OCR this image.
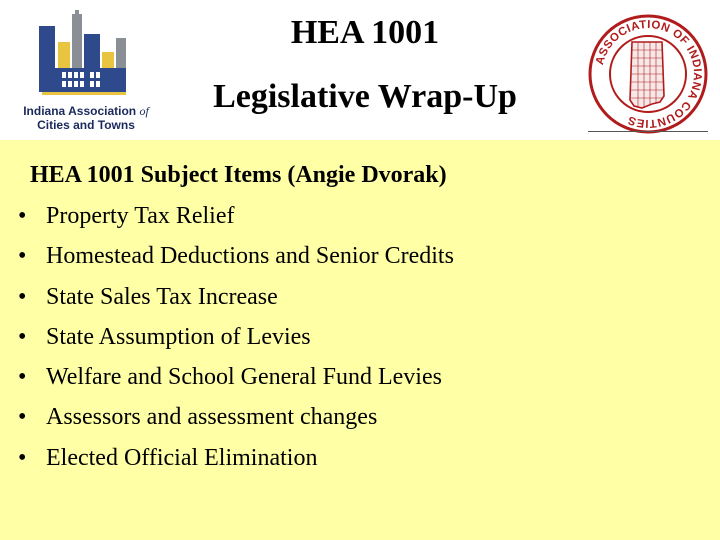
Indiana Association of
Cities and Towns
HEA 1001
Legislative Wrap-Up
ASSOCIATION OF INDIANA COUNTIES
HEA 1001 Subject Items (Angie Dvorak)
• Property Tax Relief
• Homestead Deductions and Senior Credits
• State Sales Tax Increase
• State Assumption of Levies
• Welfare and School General Fund Levies
• Assessors and assessment changes
• Elected Official Elimination
